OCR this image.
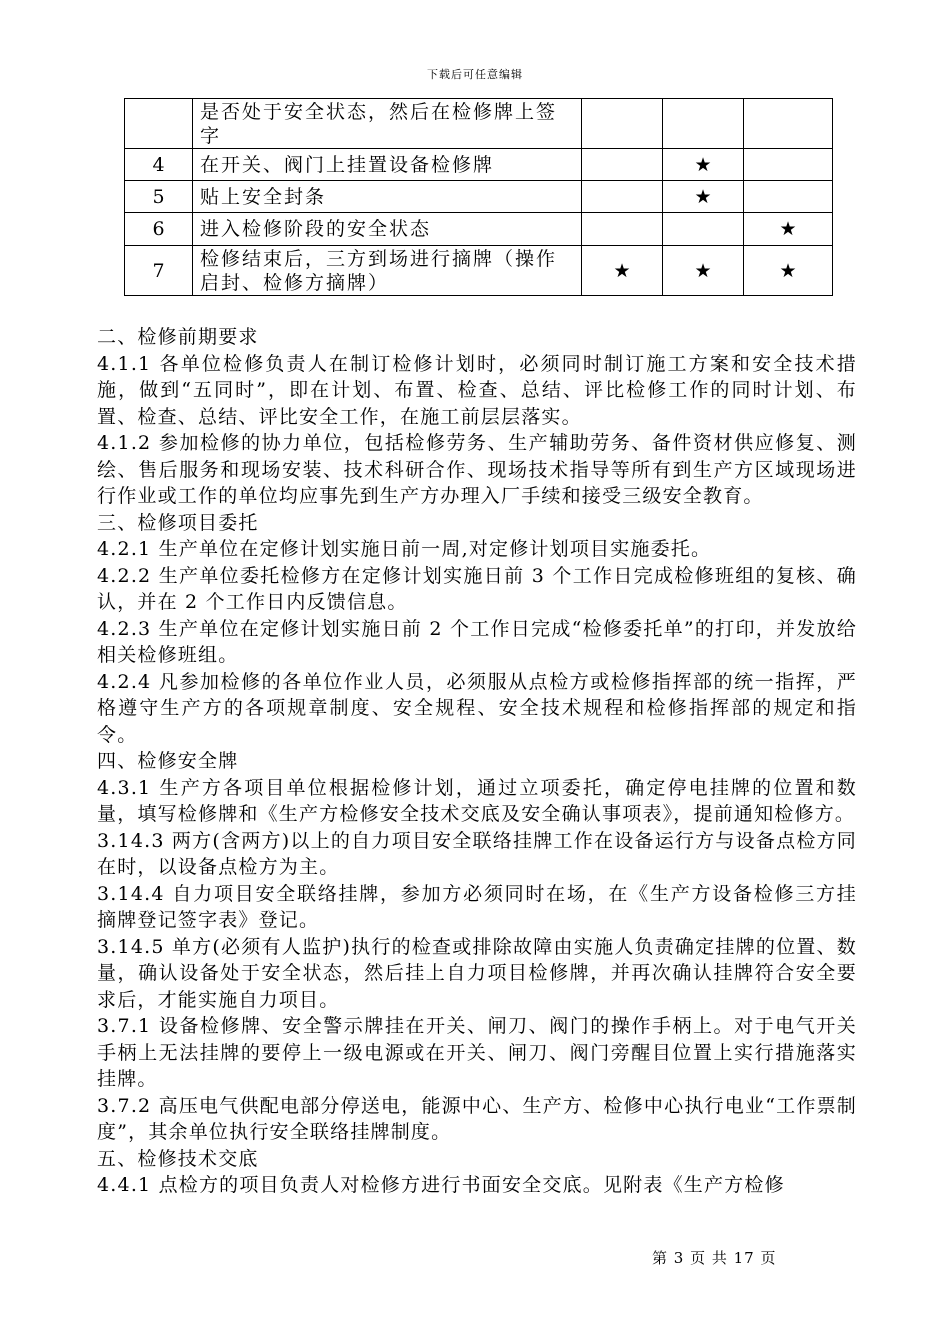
下载后可任意编辑
	是否处于安全状态，然后在检修牌上签字			
4	在开关、阀门上挂置设备检修牌		★	
5	贴上安全封条		★	
6	进入检修阶段的安全状态			★
7	检修结束后，三方到场进行摘牌（操作启封、检修方摘牌）	★	★	★

二、检修前期要求

4.1.1 各单位检修负责人在制订检修计划时，必须同时制订施工方案和安全技术措施，做到“五同时”，即在计划、布置、检查、总结、评比检修工作的同时计划、布置、检查、总结、评比安全工作，在施工前层层落实。

4.1.2 参加检修的协力单位，包括检修劳务、生产辅助劳务、备件资材供应修复、测绘、售后服务和现场安装、技术科研合作、现场技术指导等所有到生产方区域现场进行作业或工作的单位均应事先到生产方办理入厂手续和接受三级安全教育。

三、检修项目委托

4.2.1 生产单位在定修计划实施日前一周,对定修计划项目实施委托。

4.2.2 生产单位委托检修方在定修计划实施日前 3 个工作日完成检修班组的复核、确认，并在 2 个工作日内反馈信息。

4.2.3 生产单位在定修计划实施日前 2 个工作日完成“检修委托单”的打印，并发放给相关检修班组。

4.2.4 凡参加检修的各单位作业人员，必须服从点检方或检修指挥部的统一指挥，严格遵守生产方的各项规章制度、安全规程、安全技术规程和检修指挥部的规定和指令。

四、检修安全牌

4.3.1 生产方各项目单位根据检修计划，通过立项委托，确定停电挂牌的位置和数量，填写检修牌和《生产方检修安全技术交底及安全确认事项表》，提前通知检修方。

3.14.3 两方(含两方)以上的自力项目安全联络挂牌工作在设备运行方与设备点检方同在时，以设备点检方为主。

3.14.4 自力项目安全联络挂牌，参加方必须同时在场，在《生产方设备检修三方挂摘牌登记签字表》登记。

3.14.5 单方(必须有人监护)执行的检查或排除故障由实施人负责确定挂牌的位置、数量，确认设备处于安全状态，然后挂上自力项目检修牌，并再次确认挂牌符合安全要求后，才能实施自力项目。

3.7.1 设备检修牌、安全警示牌挂在开关、闸刀、阀门的操作手柄上。对于电气开关手柄上无法挂牌的要停上一级电源或在开关、闸刀、阀门旁醒目位置上实行措施落实挂牌。

3.7.2 高压电气供配电部分停送电，能源中心、生产方、检修中心执行电业“工作票制度”，其余单位执行安全联络挂牌制度。

五、检修技术交底

4.4.1 点检方的项目负责人对检修方进行书面安全交底。见附表《生产方检修

第 3 页 共 17 页
